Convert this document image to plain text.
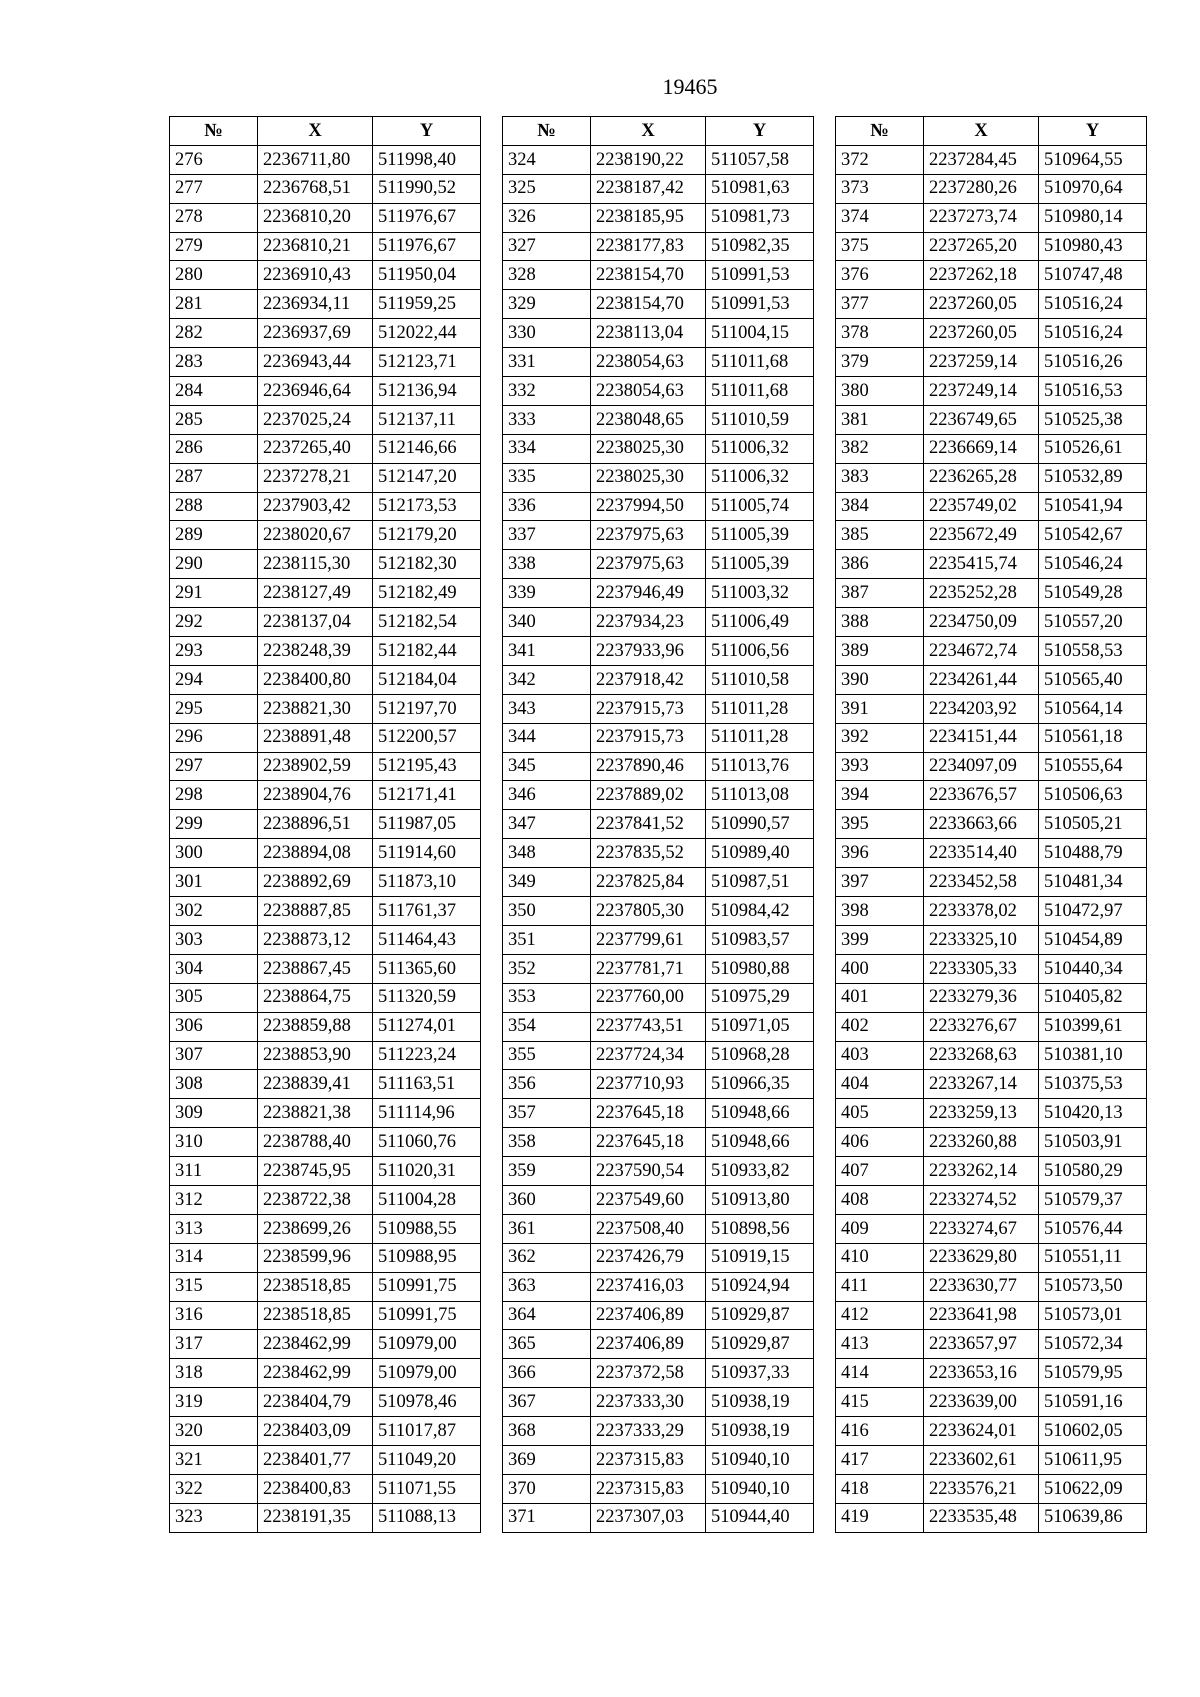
19465
№	X	Y
276	2236711,80	511998,40
277	2236768,51	511990,52
278	2236810,20	511976,67
279	2236810,21	511976,67
280	2236910,43	511950,04
281	2236934,11	511959,25
282	2236937,69	512022,44
283	2236943,44	512123,71
284	2236946,64	512136,94
285	2237025,24	512137,11
286	2237265,40	512146,66
287	2237278,21	512147,20
288	2237903,42	512173,53
289	2238020,67	512179,20
290	2238115,30	512182,30
291	2238127,49	512182,49
292	2238137,04	512182,54
293	2238248,39	512182,44
294	2238400,80	512184,04
295	2238821,30	512197,70
296	2238891,48	512200,57
297	2238902,59	512195,43
298	2238904,76	512171,41
299	2238896,51	511987,05
300	2238894,08	511914,60
301	2238892,69	511873,10
302	2238887,85	511761,37
303	2238873,12	511464,43
304	2238867,45	511365,60
305	2238864,75	511320,59
306	2238859,88	511274,01
307	2238853,90	511223,24
308	2238839,41	511163,51
309	2238821,38	511114,96
310	2238788,40	511060,76
311	2238745,95	511020,31
312	2238722,38	511004,28
313	2238699,26	510988,55
314	2238599,96	510988,95
315	2238518,85	510991,75
316	2238518,85	510991,75
317	2238462,99	510979,00
318	2238462,99	510979,00
319	2238404,79	510978,46
320	2238403,09	511017,87
321	2238401,77	511049,20
322	2238400,83	511071,55
323	2238191,35	511088,13
№	X	Y
324	2238190,22	511057,58
325	2238187,42	510981,63
326	2238185,95	510981,73
327	2238177,83	510982,35
328	2238154,70	510991,53
329	2238154,70	510991,53
330	2238113,04	511004,15
331	2238054,63	511011,68
332	2238054,63	511011,68
333	2238048,65	511010,59
334	2238025,30	511006,32
335	2238025,30	511006,32
336	2237994,50	511005,74
337	2237975,63	511005,39
338	2237975,63	511005,39
339	2237946,49	511003,32
340	2237934,23	511006,49
341	2237933,96	511006,56
342	2237918,42	511010,58
343	2237915,73	511011,28
344	2237915,73	511011,28
345	2237890,46	511013,76
346	2237889,02	511013,08
347	2237841,52	510990,57
348	2237835,52	510989,40
349	2237825,84	510987,51
350	2237805,30	510984,42
351	2237799,61	510983,57
352	2237781,71	510980,88
353	2237760,00	510975,29
354	2237743,51	510971,05
355	2237724,34	510968,28
356	2237710,93	510966,35
357	2237645,18	510948,66
358	2237645,18	510948,66
359	2237590,54	510933,82
360	2237549,60	510913,80
361	2237508,40	510898,56
362	2237426,79	510919,15
363	2237416,03	510924,94
364	2237406,89	510929,87
365	2237406,89	510929,87
366	2237372,58	510937,33
367	2237333,30	510938,19
368	2237333,29	510938,19
369	2237315,83	510940,10
370	2237315,83	510940,10
371	2237307,03	510944,40
№	X	Y
372	2237284,45	510964,55
373	2237280,26	510970,64
374	2237273,74	510980,14
375	2237265,20	510980,43
376	2237262,18	510747,48
377	2237260,05	510516,24
378	2237260,05	510516,24
379	2237259,14	510516,26
380	2237249,14	510516,53
381	2236749,65	510525,38
382	2236669,14	510526,61
383	2236265,28	510532,89
384	2235749,02	510541,94
385	2235672,49	510542,67
386	2235415,74	510546,24
387	2235252,28	510549,28
388	2234750,09	510557,20
389	2234672,74	510558,53
390	2234261,44	510565,40
391	2234203,92	510564,14
392	2234151,44	510561,18
393	2234097,09	510555,64
394	2233676,57	510506,63
395	2233663,66	510505,21
396	2233514,40	510488,79
397	2233452,58	510481,34
398	2233378,02	510472,97
399	2233325,10	510454,89
400	2233305,33	510440,34
401	2233279,36	510405,82
402	2233276,67	510399,61
403	2233268,63	510381,10
404	2233267,14	510375,53
405	2233259,13	510420,13
406	2233260,88	510503,91
407	2233262,14	510580,29
408	2233274,52	510579,37
409	2233274,67	510576,44
410	2233629,80	510551,11
411	2233630,77	510573,50
412	2233641,98	510573,01
413	2233657,97	510572,34
414	2233653,16	510579,95
415	2233639,00	510591,16
416	2233624,01	510602,05
417	2233602,61	510611,95
418	2233576,21	510622,09
419	2233535,48	510639,86
